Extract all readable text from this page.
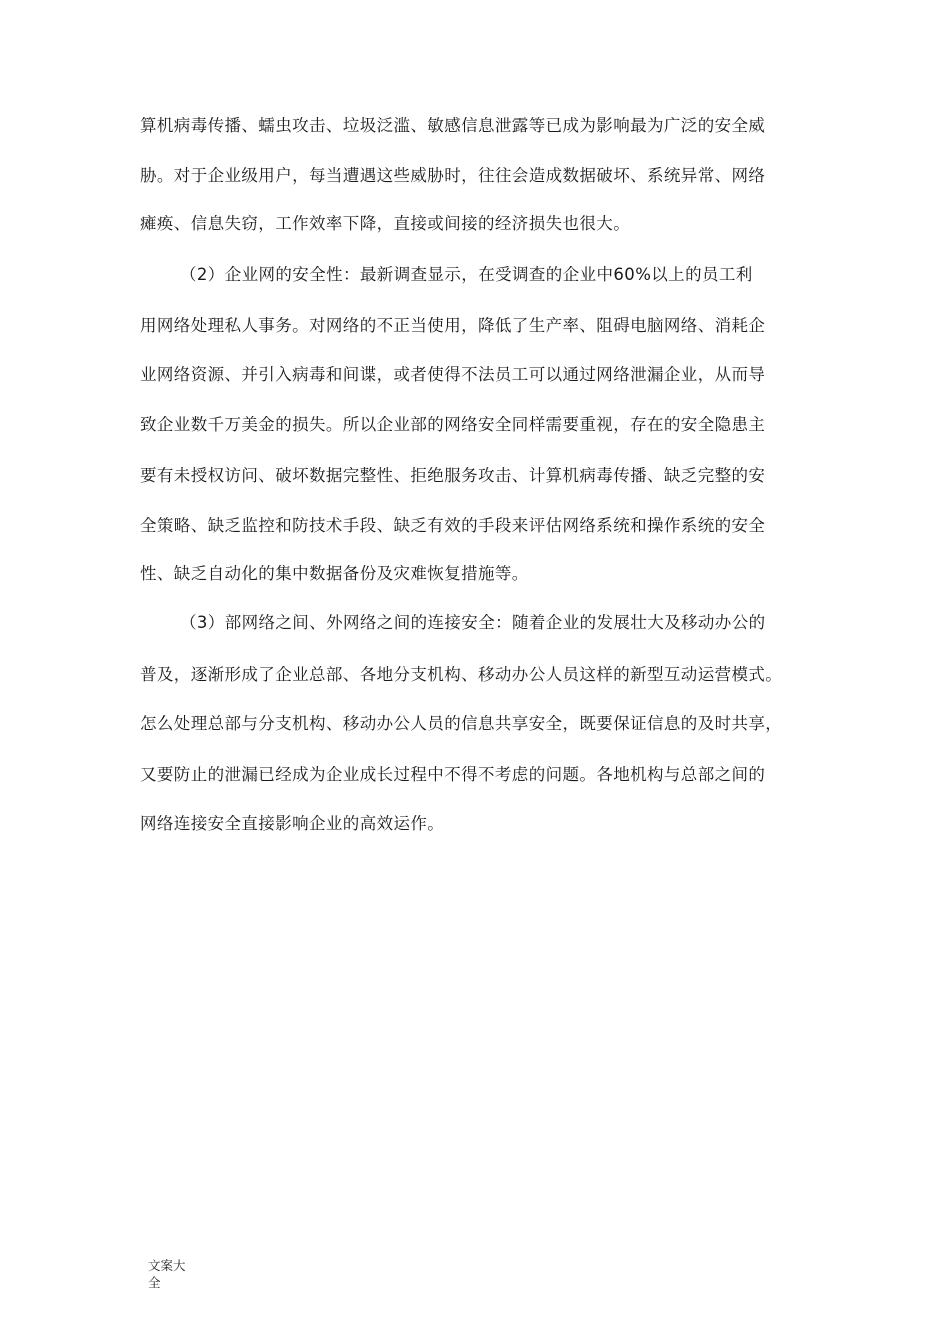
算机病毒传播、蠕虫攻击、垃圾泛滥、敏感信息泄露等已成为影响最为广泛的安全威
胁。对于企业级用户，每当遭遇这些威胁时，往往会造成数据破坏、系统异常、网络
瘫痪、信息失窃，工作效率下降，直接或间接的经济损失也很大。
（2）企业网的安全性：最新调查显示，在受调查的企业中60%以上的员工利
用网络处理私人事务。对网络的不正当使用，降低了生产率、阻碍电脑网络、消耗企
业网络资源、并引入病毒和间谍，或者使得不法员工可以通过网络泄漏企业，从而导
致企业数千万美金的损失。所以企业部的网络安全同样需要重视，存在的安全隐患主
要有未授权访问、破坏数据完整性、拒绝服务攻击、计算机病毒传播、缺乏完整的安
全策略、缺乏监控和防技术手段、缺乏有效的手段来评估网络系统和操作系统的安全
性、缺乏自动化的集中数据备份及灾难恢复措施等。
（3）部网络之间、外网络之间的连接安全：随着企业的发展壮大及移动办公的
普及，逐渐形成了企业总部、各地分支机构、移动办公人员这样的新型互动运营模式。
怎么处理总部与分支机构、移动办公人员的信息共享安全，既要保证信息的及时共享，
又要防止的泄漏已经成为企业成长过程中不得不考虑的问题。各地机构与总部之间的
网络连接安全直接影响企业的高效运作。
文案大全
